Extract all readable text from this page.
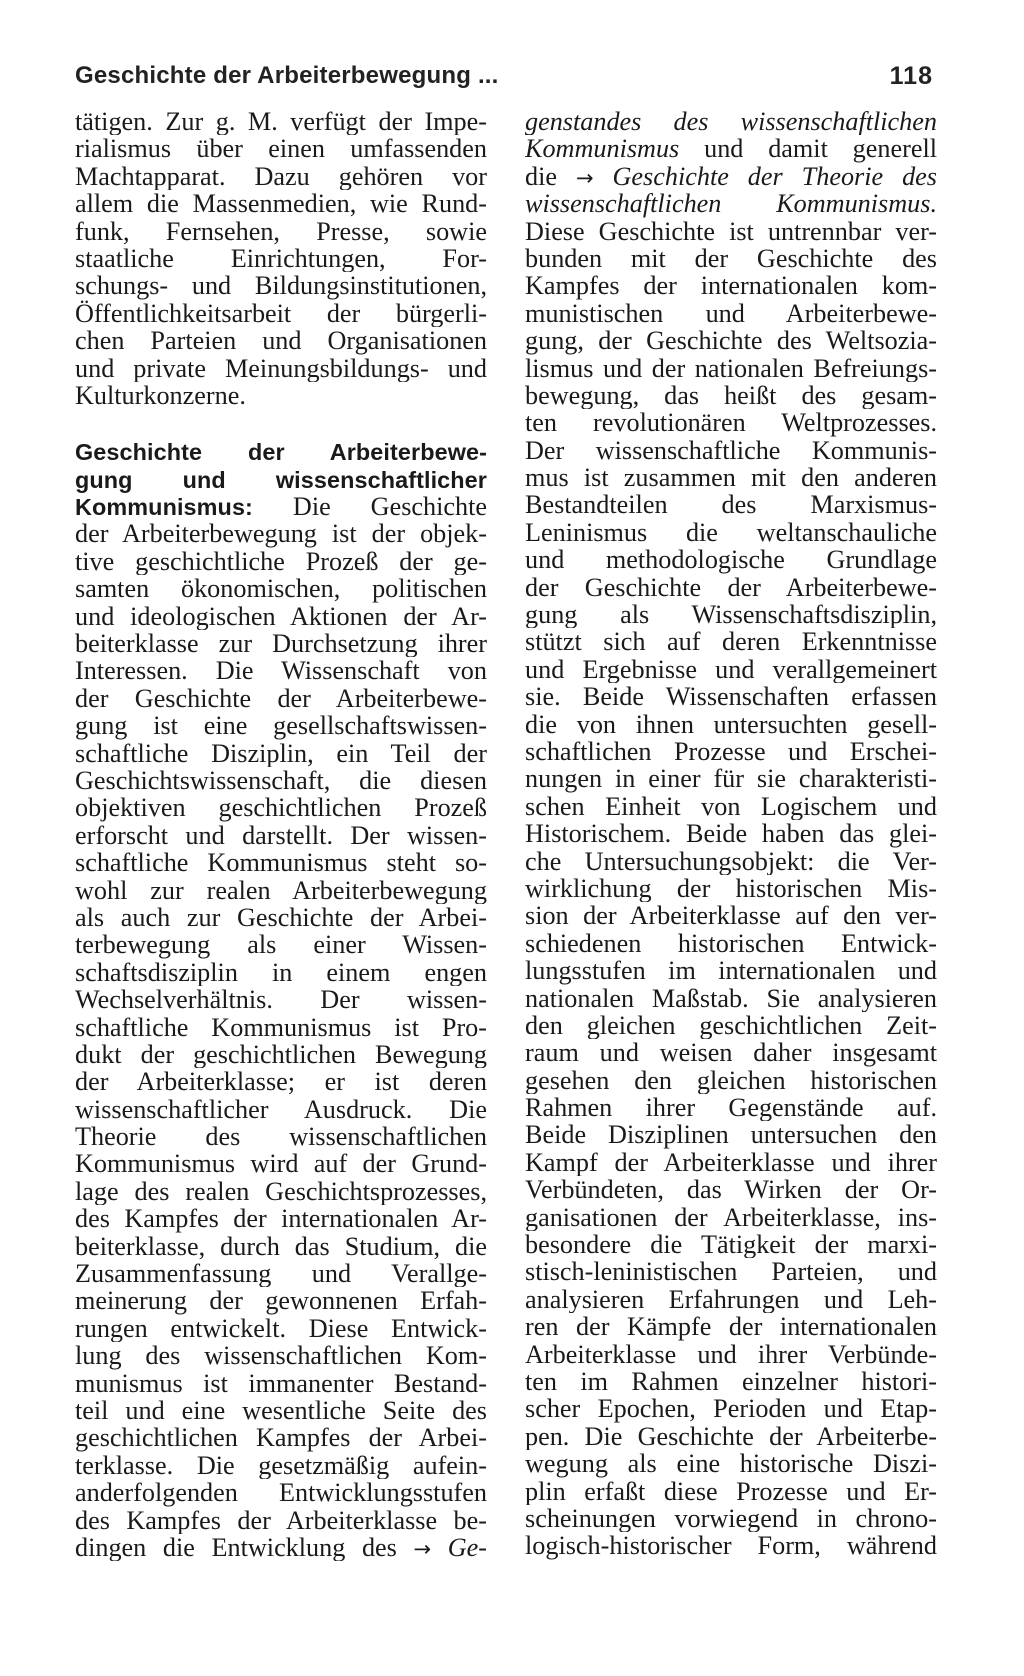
Geschichte der Arbeiterbewegung ...	118
tätigen. Zur g. M. verfügt der Impe-
rialismus über einen umfassenden
Machtapparat. Dazu gehören vor
allem die Massenmedien, wie Rund-
funk, Fernsehen, Presse, sowie
staatliche Einrichtungen, For-
schungs- und Bildungsinstitutionen,
Öffentlichkeitsarbeit der bürgerli-
chen Parteien und Organisationen
und private Meinungsbildungs- und
Kulturkonzerne.
Geschichte der Arbeiterbewe-
gung und wissenschaftlicher
Kommunismus: Die Geschichte
der Arbeiterbewegung ist der objek-
tive geschichtliche Prozeß der ge-
samten ökonomischen, politischen
und ideologischen Aktionen der Ar-
beiterklasse zur Durchsetzung ihrer
Interessen. Die Wissenschaft von
der Geschichte der Arbeiterbewe-
gung ist eine gesellschaftswissen-
schaftliche Disziplin, ein Teil der
Geschichtswissenschaft, die diesen
objektiven geschichtlichen Prozeß
erforscht und darstellt. Der wissen-
schaftliche Kommunismus steht so-
wohl zur realen Arbeiterbewegung
als auch zur Geschichte der Arbei-
terbewegung als einer Wissen-
schaftsdisziplin in einem engen
Wechselverhältnis. Der wissen-
schaftliche Kommunismus ist Pro-
dukt der geschichtlichen Bewegung
der Arbeiterklasse; er ist deren
wissenschaftlicher Ausdruck. Die
Theorie des wissenschaftlichen
Kommunismus wird auf der Grund-
lage des realen Geschichtsprozesses,
des Kampfes der internationalen Ar-
beiterklasse, durch das Studium, die
Zusammenfassung und Verallge-
meinerung der gewonnenen Erfah-
rungen entwickelt. Diese Entwick-
lung des wissenschaftlichen Kom-
munismus ist immanenter Bestand-
teil und eine wesentliche Seite des
geschichtlichen Kampfes der Arbei-
terklasse. Die gesetzmäßig aufein-
anderfolgenden Entwicklungsstufen
des Kampfes der Arbeiterklasse be-
dingen die Entwicklung des → Ge-
genstandes des wissenschaftlichen
Kommunismus und damit generell
die → Geschichte der Theorie des
wissenschaftlichen Kommunismus.
Diese Geschichte ist untrennbar ver-
bunden mit der Geschichte des
Kampfes der internationalen kom-
munistischen und Arbeiterbewe-
gung, der Geschichte des Weltsozia-
lismus und der nationalen Befreiungs-
bewegung, das heißt des gesam-
ten revolutionären Weltprozesses.
Der wissenschaftliche Kommunis-
mus ist zusammen mit den anderen
Bestandteilen des Marxismus-
Leninismus die weltanschauliche
und methodologische Grundlage
der Geschichte der Arbeiterbewe-
gung als Wissenschaftsdisziplin,
stützt sich auf deren Erkenntnisse
und Ergebnisse und verallgemeinert
sie. Beide Wissenschaften erfassen
die von ihnen untersuchten gesell-
schaftlichen Prozesse und Erschei-
nungen in einer für sie charakteristi-
schen Einheit von Logischem und
Historischem. Beide haben das glei-
che Untersuchungsobjekt: die Ver-
wirklichung der historischen Mis-
sion der Arbeiterklasse auf den ver-
schiedenen historischen Entwick-
lungsstufen im internationalen und
nationalen Maßstab. Sie analysieren
den gleichen geschichtlichen Zeit-
raum und weisen daher insgesamt
gesehen den gleichen historischen
Rahmen ihrer Gegenstände auf.
Beide Disziplinen untersuchen den
Kampf der Arbeiterklasse und ihrer
Verbündeten, das Wirken der Or-
ganisationen der Arbeiterklasse, ins-
besondere die Tätigkeit der marxi-
stisch-leninistischen Parteien, und
analysieren Erfahrungen und Leh-
ren der Kämpfe der internationalen
Arbeiterklasse und ihrer Verbünde-
ten im Rahmen einzelner histori-
scher Epochen, Perioden und Etap-
pen. Die Geschichte der Arbeiterbe-
wegung als eine historische Diszi-
plin erfaßt diese Prozesse und Er-
scheinungen vorwiegend in chrono-
logisch-historischer Form, während
